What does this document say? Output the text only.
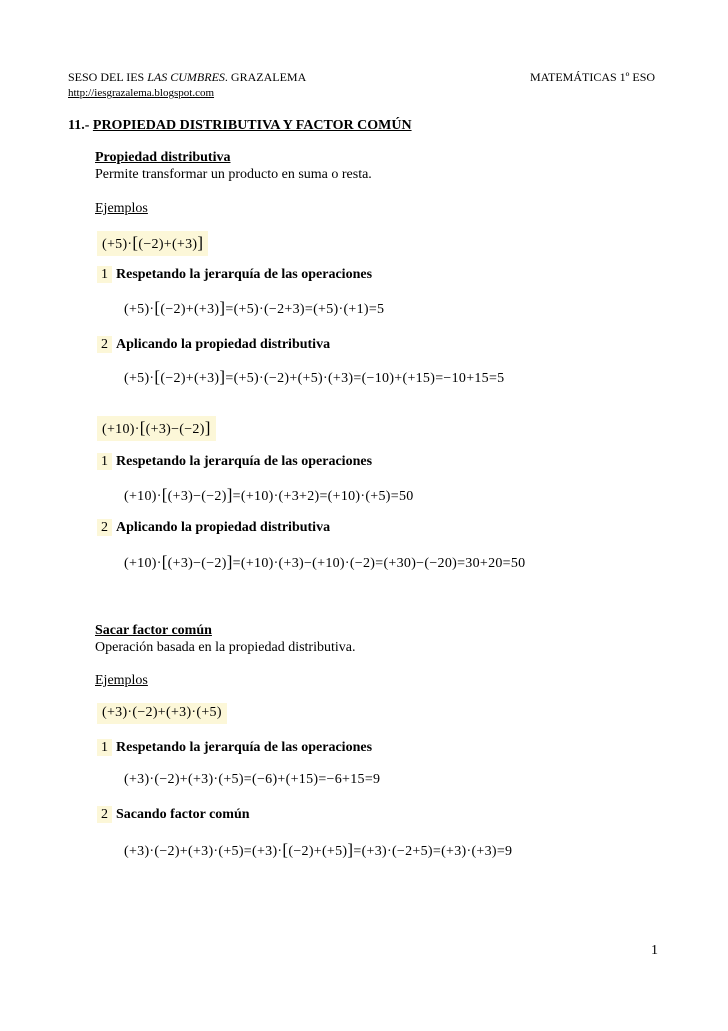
SESO DEL IES LAS CUMBRES. GRAZALEMA	MATEMÁTICAS 1º ESO
http://iesgrazalema.blogspot.com
11.- PROPIEDAD DISTRIBUTIVA Y FACTOR COMÚN
Propiedad distributiva
Permite transformar un producto en suma o resta.
Ejemplos
(+5)·[(−2)+(+3)]
1 Respetando la jerarquía de las operaciones
(+5)·[(−2)+(+3)]=(+5)·(−2+3)=(+5)·(+1)=5
2 Aplicando la propiedad distributiva
(+5)·[(−2)+(+3)]=(+5)·(−2)+(+5)·(+3)=(−10)+(+15)=−10+15=5
(+10)·[(+3)−(−2)]
1 Respetando la jerarquía de las operaciones
(+10)·[(+3)−(−2)]=(+10)·(+3+2)=(+10)·(+5)=50
2 Aplicando la propiedad distributiva
(+10)·[(+3)−(−2)]=(+10)·(+3)−(+10)·(−2)=(+30)−(−20)=30+20=50
Sacar factor común
Operación basada en la propiedad distributiva.
Ejemplos
(+3)·(−2)+(+3)·(+5)
1 Respetando la jerarquía de las operaciones
(+3)·(−2)+(+3)·(+5)=(−6)+(+15)=−6+15=9
2 Sacando factor común
(+3)·(−2)+(+3)·(+5)=(+3)·[(−2)+(+5)]=(+3)·(−2+5)=(+3)·(+3)=9
1
